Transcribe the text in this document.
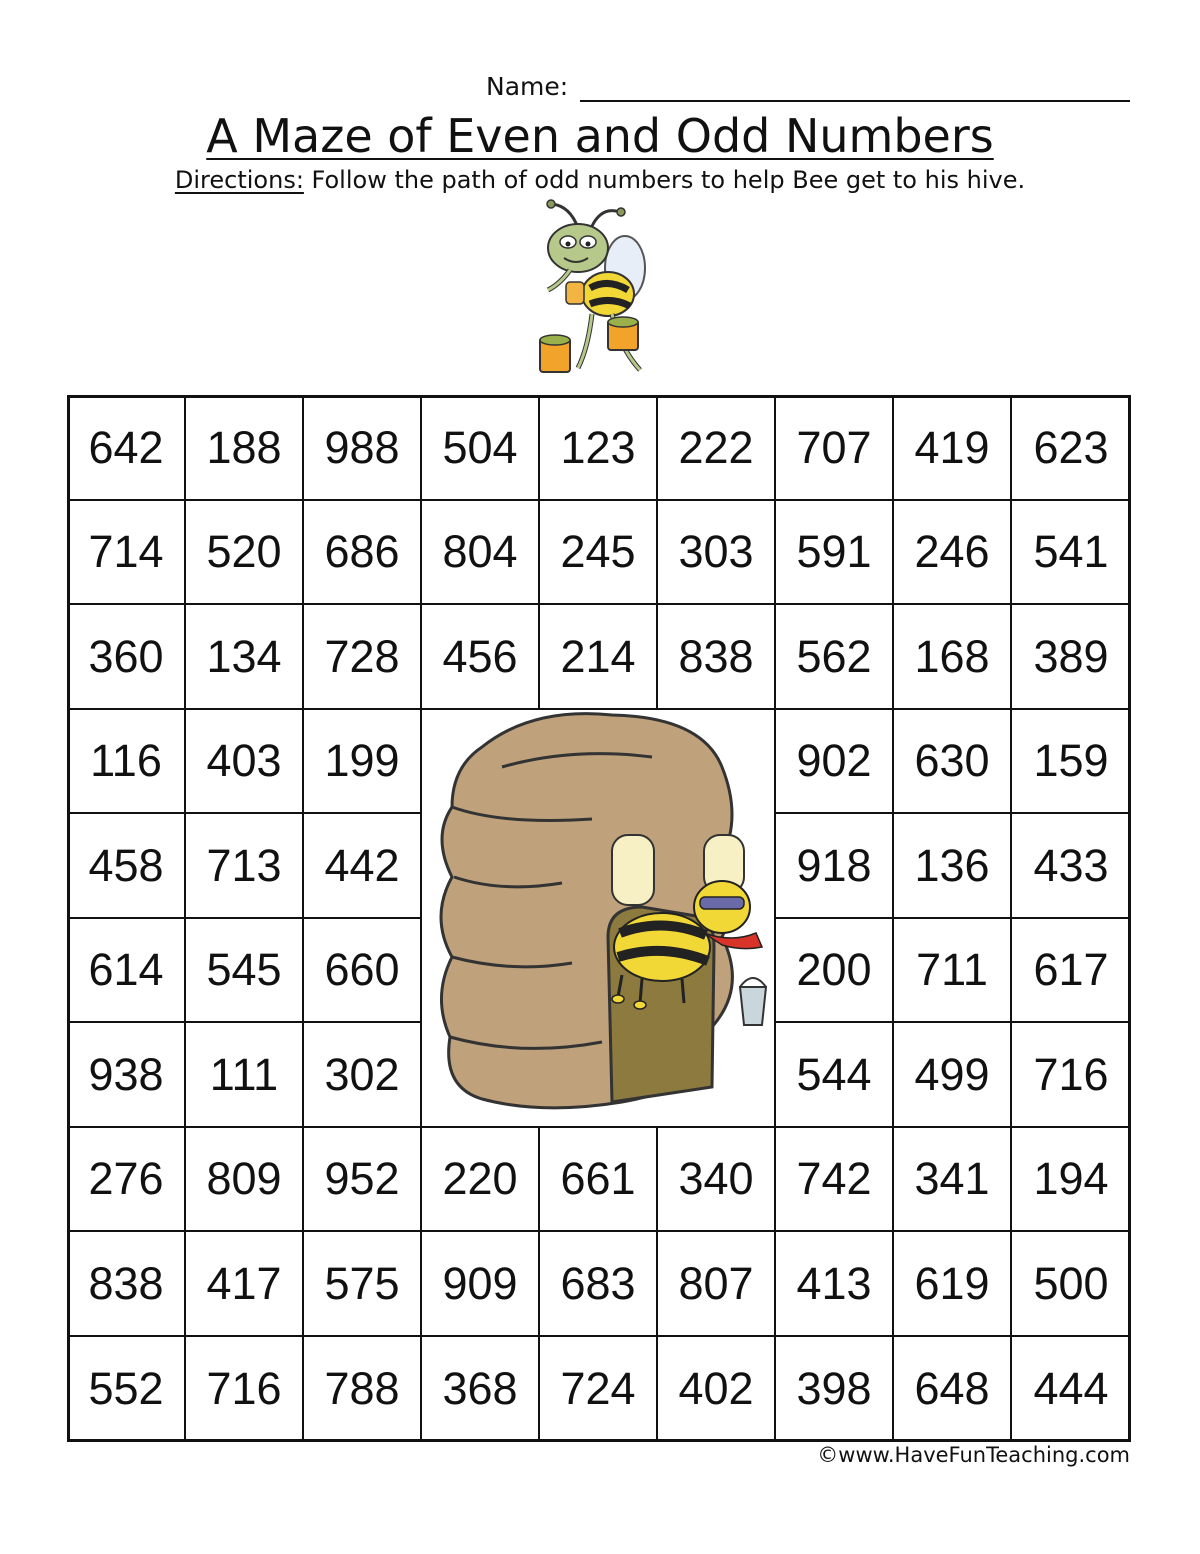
Name:
A Maze of Even and Odd Numbers
Directions: Follow the path of odd numbers to help Bee get to his hive.
642 188 988 504 123 222 707 419 623
714 520 686 804 245 303 591 246 541
360 134 728 456 214 838 562 168 389
116 403 199	902 630 159
458 713 442	918 136 433
614 545 660	200 711	617
938	111	302	544 499 716
276 809 952 220 661 340 742 341 194
838 417 575 909 683 807 413 619 500
552 716 788 368 724 402 398 648 444
©www.HaveFunTeaching.com
